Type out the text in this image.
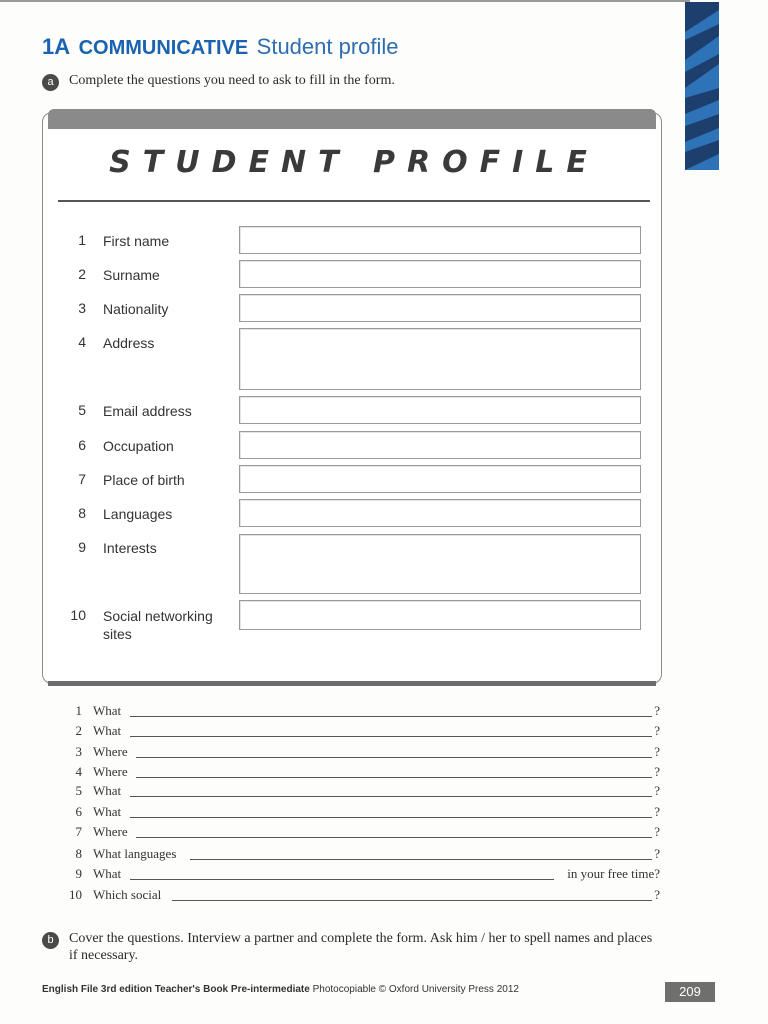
1A COMMUNICATIVE Student profile
a	Complete the questions you need to ask to fill in the form.
STUDENT PROFILE
1 First name
2 Surname
3 Nationality
4 Address
5 Email address
6 Occupation
7 Place of birth
8 Languages
9 Interests
10 Social networking sites
1 What	?
2 What	?
3 Where	?
4 Where	?
5 What	?
6 What	?
7 Where	?
8 What languages	?
9 What	in your free time?
10 Which social	?
b	Cover the questions. Interview a partner and complete the form. Ask him / her to spell names and places if necessary.
English File 3rd edition Teacher's Book Pre-intermediate Photocopiable © Oxford University Press 2012	209
